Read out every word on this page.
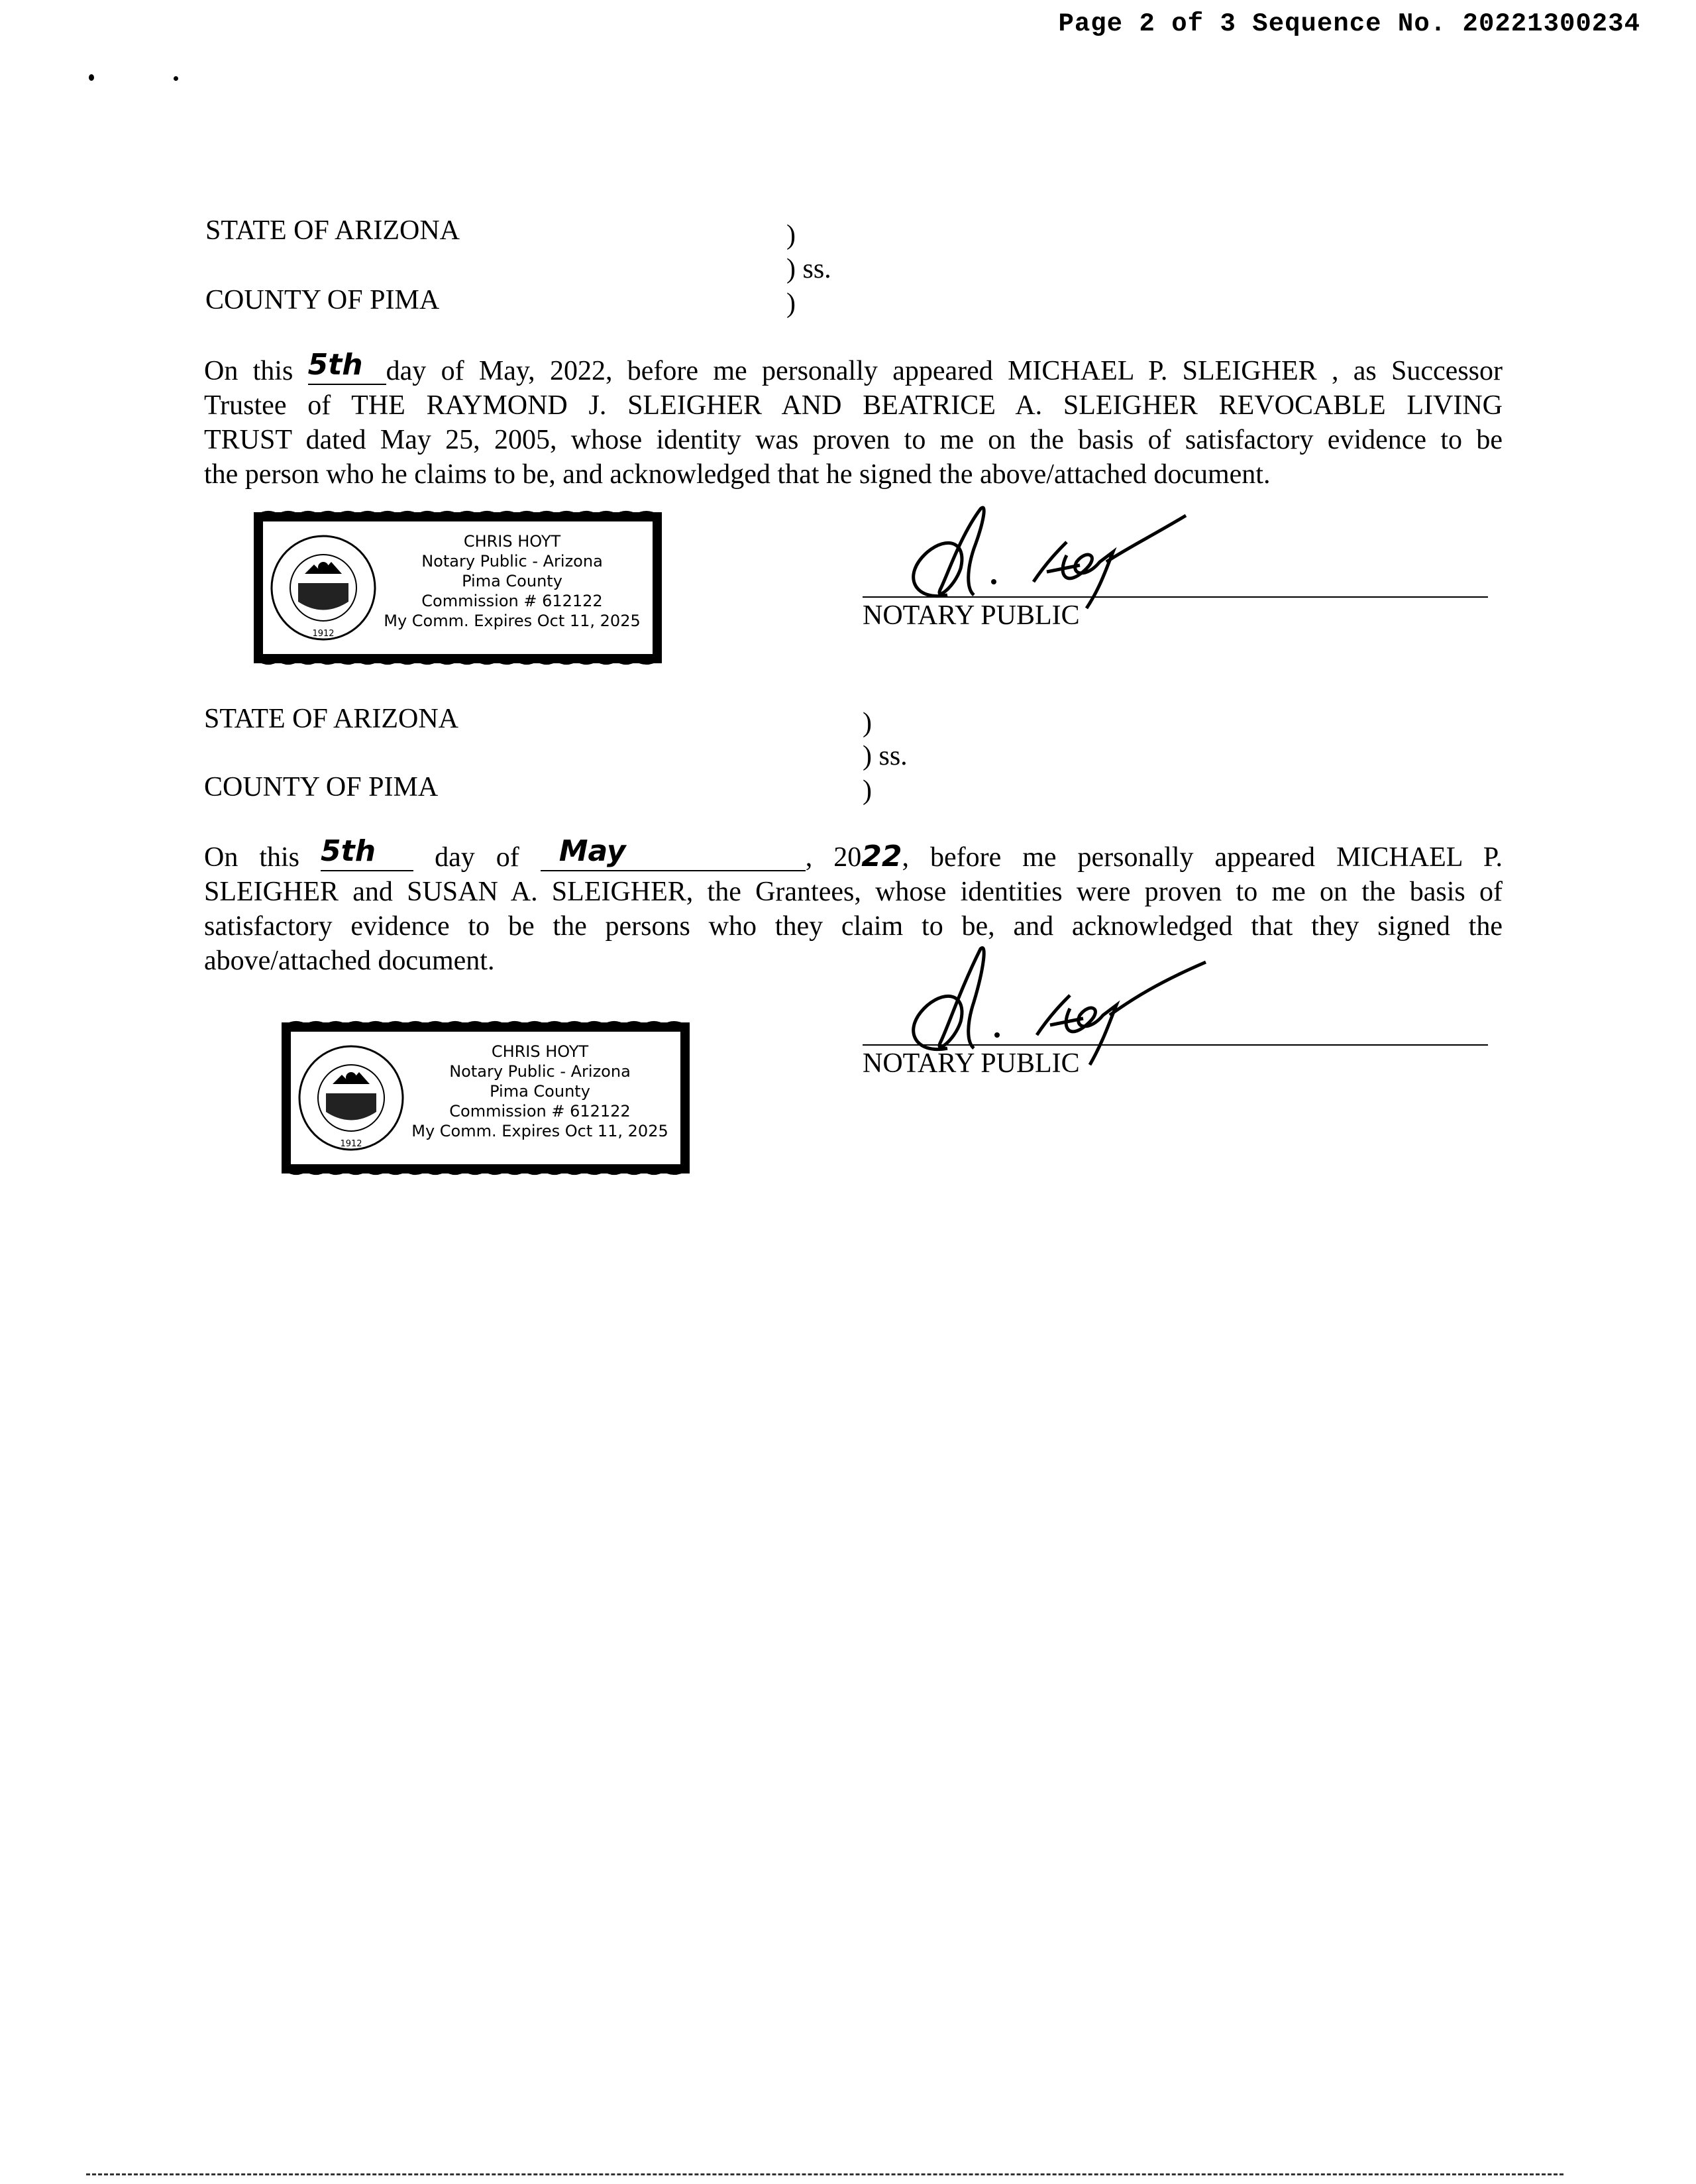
Page 2 of 3 Sequence No. 20221300234
STATE OF ARIZONA
COUNTY OF PIMA
)
) ss.
)
On this 5th day of May, 2022, before me personally appeared MICHAEL P. SLEIGHER , as Successor
Trustee of THE RAYMOND J. SLEIGHER AND BEATRICE A. SLEIGHER REVOCABLE LIVING
TRUST dated May 25, 2005, whose identity was proven to me on the basis of satisfactory evidence to be
the person who he claims to be, and acknowledged that he signed the above/attached document.
1912
CHRIS HOYT
Notary Public - Arizona
Pima County
Commission # 612122
My Comm. Expires Oct 11, 2025	NOTARY PUBLIC
STATE OF ARIZONA
COUNTY OF PIMA
)
) ss.
)
On this 5th day of May	, 2022, before me personally appeared MICHAEL P.
SLEIGHER and SUSAN A. SLEIGHER, the Grantees, whose identities were proven to me on the basis of
satisfactory evidence to be the persons who they claim to be, and acknowledged that they signed the
above/attached document.
1912
CHRIS HOYT
Notary Public - Arizona
Pima County
Commission # 612122
My Comm. Expires Oct 11, 2025
NOTARY PUBLIC
